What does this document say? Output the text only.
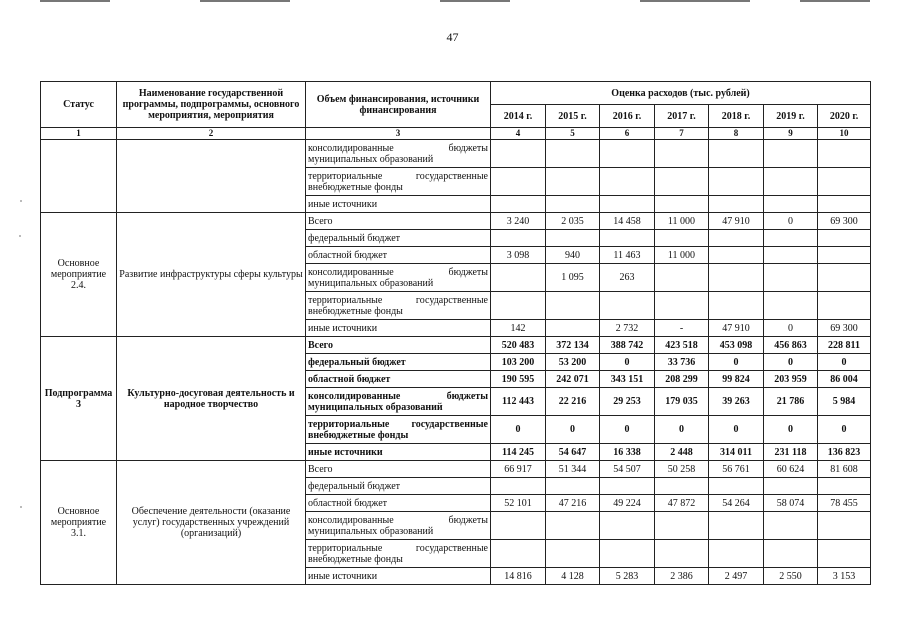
47
Статус	Наименование государственной программы, подпрограммы, основного мероприятия, мероприятия	Объем финансирования, источники финансирования	Оценка расходов (тыс. рублей)						
			2014 г.	2015 г.	2016 г.	2017 г.	2018 г.	2019 г.	2020 г.
1	2	3	4	5	6	7	8	9	10
		консолидированные бюджеты муниципальных образований							
		территориальные государственные внебюджетные фонды							
		иные источники							
Основное мероприятие 2.4.	Развитие инфраструктуры сферы культуры	Всего	3 240	2 035	14 458	11 000	47 910	0	69 300
		федеральный бюджет							
		областной бюджет	3 098	940	11 463	11 000			
		консолидированные бюджеты муниципальных образований		1 095	263				
		территориальные государственные внебюджетные фонды							
		иные источники	142		2 732	-	47 910	0	69 300
Подпрограмма 3	Культурно-досуговая деятельность и народное творчество	Всего	520 483	372 134	388 742	423 518	453 098	456 863	228 811
		федеральный бюджет	103 200	53 200	0	33 736	0	0	0
		областной бюджет	190 595	242 071	343 151	208 299	99 824	203 959	86 004
		консолидированные бюджеты муниципальных образований	112 443	22 216	29 253	179 035	39 263	21 786	5 984
		территориальные государственные внебюджетные фонды	0	0	0	0	0	0	0
		иные источники	114 245	54 647	16 338	2 448	314 011	231 118	136 823
Основное мероприятие 3.1.	Обеспечение деятельности (оказание услуг) государственных учреждений (организаций)	Всего	66 917	51 344	54 507	50 258	56 761	60 624	81 608
		федеральный бюджет							
		областной бюджет	52 101	47 216	49 224	47 872	54 264	58 074	78 455
		консолидированные бюджеты муниципальных образований							
		территориальные государственные внебюджетные фонды							
		иные источники	14 816	4 128	5 283	2 386	2 497	2 550	3 153
